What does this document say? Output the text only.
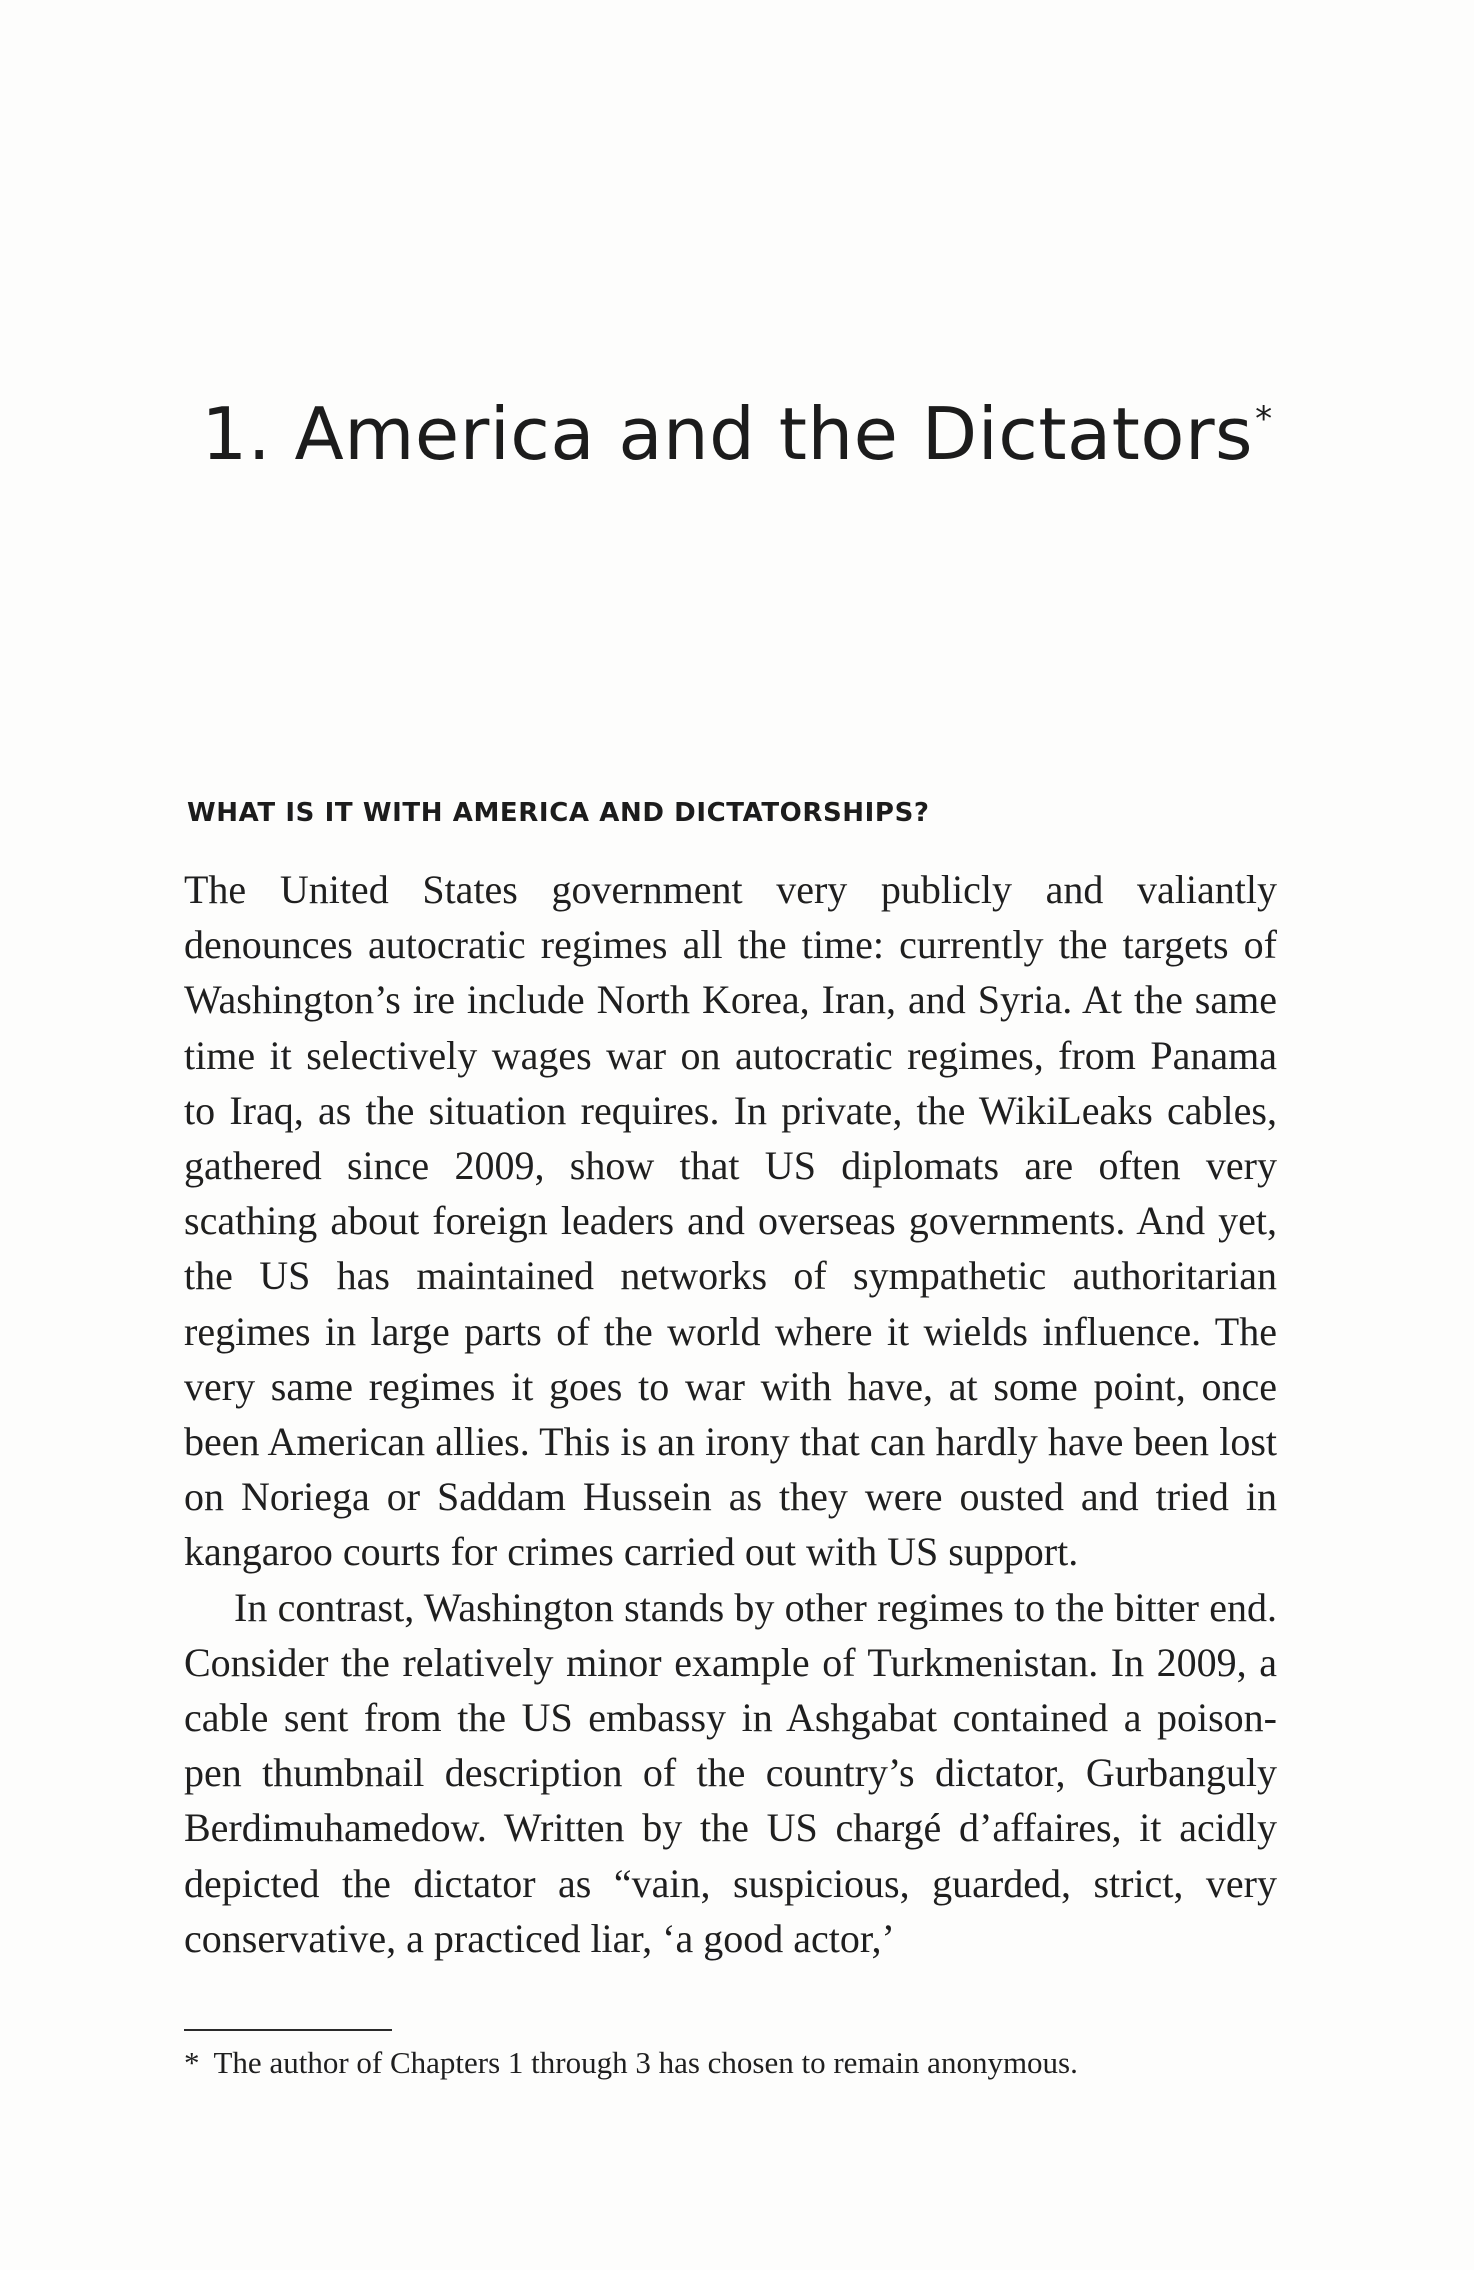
1. America and the Dictators*
WHAT IS IT WITH AMERICA AND DICTATORSHIPS?

The United States government very publicly and valiantly denounces autocratic regimes all the time: currently the targets of Washington’s ire include North Korea, Iran, and Syria. At the same time it selectively wages war on autocratic regimes, from Panama to Iraq, as the situation requires. In private, the WikiLeaks cables, gathered since 2009, show that US diplomats are often very scathing about foreign leaders and overseas governments. And yet, the US has maintained networks of sympathetic authoritarian regimes in large parts of the world where it wields influence. The very same regimes it goes to war with have, at some point, once been American allies. This is an irony that can hardly have been lost on Noriega or Saddam Hussein as they were ousted and tried in kangaroo courts for crimes carried out with US support.

In contrast, Washington stands by other regimes to the bitter end. Consider the relatively minor example of Turkmenistan. In 2009, a cable sent from the US embassy in Ashgabat contained a poison-pen thumbnail description of the country’s dictator, Gurbanguly Berdimuhamedow. Written by the US chargé d’affaires, it acidly depicted the dictator as “vain, suspicious, guarded, strict, very conservative, a practiced liar, ‘a good actor,’

* The author of Chapters 1 through 3 has chosen to remain anonymous.
